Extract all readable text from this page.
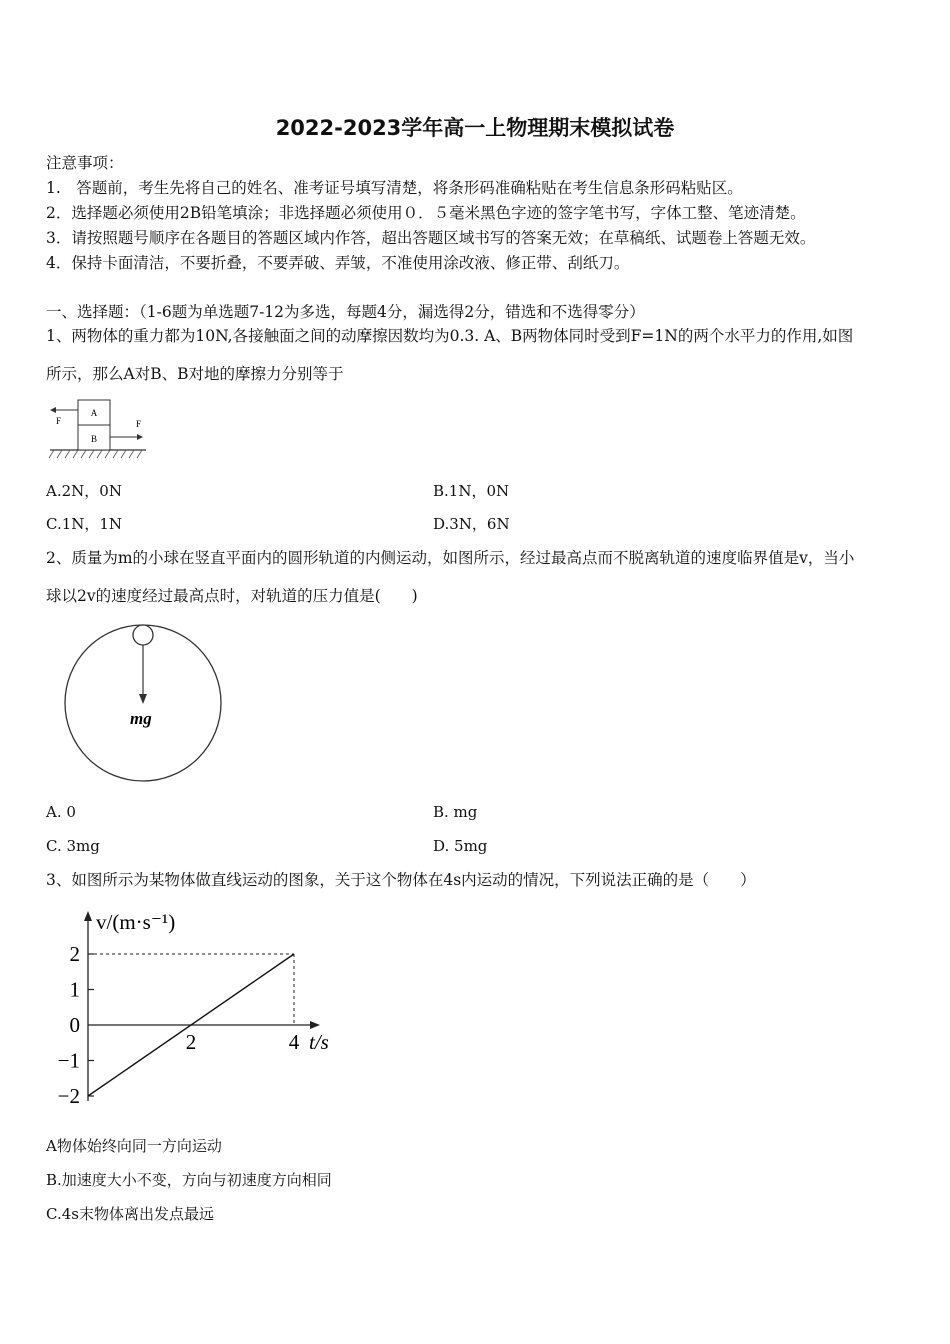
2022-2023学年高一上物理期末模拟试卷
注意事项：
1.　答题前，考生先将自己的姓名、准考证号填写清楚，将条形码准确粘贴在考生信息条形码粘贴区。
2．选择题必须使用2B铅笔填涂；非选择题必须使用０．５毫米黑色字迹的签字笔书写，字体工整、笔迹清楚。
3．请按照题号顺序在各题目的答题区域内作答，超出答题区域书写的答案无效；在草稿纸、试题卷上答题无效。
4．保持卡面清洁，不要折叠，不要弄破、弄皱，不准使用涂改液、修正带、刮纸刀。
一、选择题：（1-6题为单选题7-12为多选，每题4分，漏选得2分，错选和不选得零分）
1、两物体的重力都为10N,各接触面之间的动摩擦因数均为0.3. A、B两物体同时受到F=1N的两个水平力的作用,如图
所示，那么A对B、B对地的摩擦力分别等于
A
B
F	F
A.2N，0N	B.1N，0N
C.1N，1N	D.3N，6N
2、质量为m的小球在竖直平面内的圆形轨道的内侧运动，如图所示，经过最高点而不脱离轨道的速度临界值是v，当小
球以2v的速度经过最高点时，对轨道的压力值是(　　)
mg
A. 0	B. mg
C. 3mg	D. 5mg
3、如图所示为某物体做直线运动的图象，关于这个物体在4s内运动的情况，下列说法正确的是（　　）
v/(m·s⁻¹)
t/s
2
1
0
−1
−2
2	4
A物体始终向同一方向运动
B.加速度大小不变，方向与初速度方向相同
C.4s末物体离出发点最远
